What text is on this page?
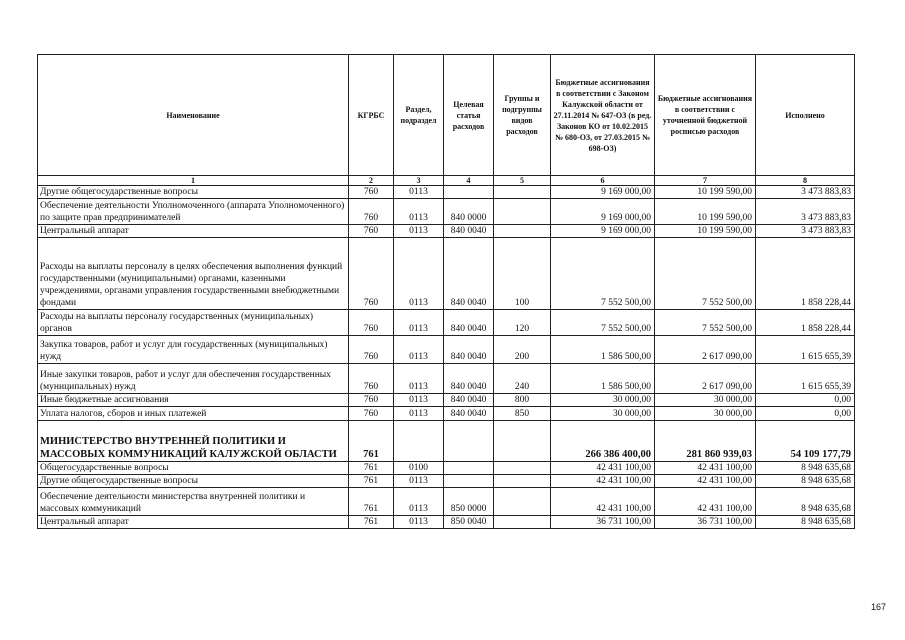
Наименование	КГРБС	Раздел, подраздел	Целевая статья расходов	Группы и подгруппы видов расходов	Бюджетные ассигнования в соответствии с Законом Калужской области от 27.11.2014 № 647-ОЗ (в ред. Законов КО от 10.02.2015 № 680-ОЗ, от 27.03.2015 № 698-ОЗ)	Бюджетные ассигнования в соответствии с уточненной бюджетной росписью расходов	Исполнено
1	2	3	4	5	6	7	8
Другие общегосударственные вопросы	760	0113			9 169 000,00	10 199 590,00	3 473 883,83
Обеспечение деятельности Уполномоченного (аппарата Уполномоченного) по защите прав предпринимателей	760	0113	840 0000		9 169 000,00	10 199 590,00	3 473 883,83
Центральный аппарат	760	0113	840 0040		9 169 000,00	10 199 590,00	3 473 883,83
Расходы на выплаты персоналу в целях обеспечения выполнения функций государственными (муниципальными) органами, казенными учреждениями, органами управления государственными внебюджетными фондами	760	0113	840 0040	100	7 552 500,00	7 552 500,00	1 858 228,44
Расходы на выплаты персоналу государственных (муниципальных) органов	760	0113	840 0040	120	7 552 500,00	7 552 500,00	1 858 228,44
Закупка товаров, работ и услуг для государственных (муниципальных) нужд	760	0113	840 0040	200	1 586 500,00	2 617 090,00	1 615 655,39
Иные закупки товаров, работ и услуг для обеспечения государственных (муниципальных) нужд	760	0113	840 0040	240	1 586 500,00	2 617 090,00	1 615 655,39
Иные бюджетные ассигнования	760	0113	840 0040	800	30 000,00	30 000,00	0,00
Уплата налогов, сборов и иных платежей	760	0113	840 0040	850	30 000,00	30 000,00	0,00
МИНИСТЕРСТВО ВНУТРЕННЕЙ ПОЛИТИКИ И МАССОВЫХ КОММУНИКАЦИЙ КАЛУЖСКОЙ ОБЛАСТИ	761				266 386 400,00	281 860 939,03	54 109 177,79
Общегосударственные вопросы	761	0100			42 431 100,00	42 431 100,00	8 948 635,68
Другие общегосударственные вопросы	761	0113			42 431 100,00	42 431 100,00	8 948 635,68
Обеспечение деятельности министерства внутренней политики и массовых коммуникаций	761	0113	850 0000		42 431 100,00	42 431 100,00	8 948 635,68
Центральный аппарат	761	0113	850 0040		36 731 100,00	36 731 100,00	8 948 635,68
167
